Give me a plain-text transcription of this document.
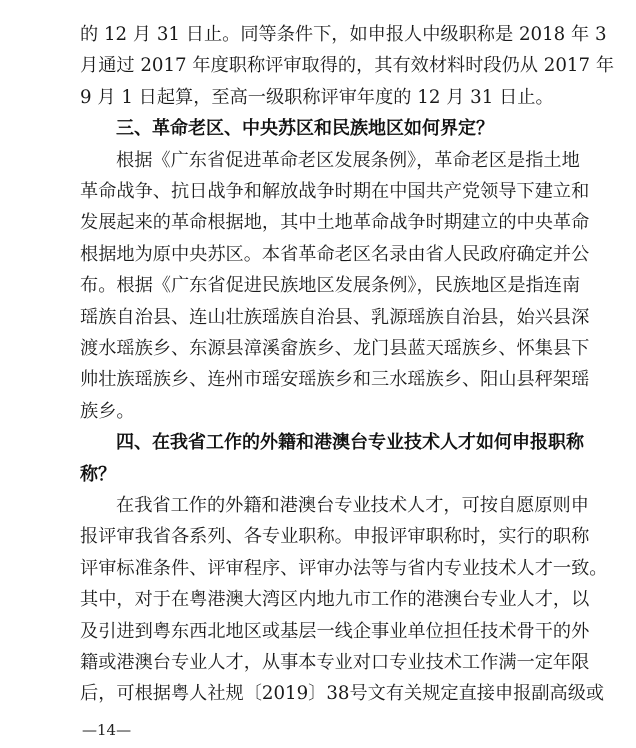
的 12 月 31 日止。同等条件下，如申报人中级职称是 2018 年 3
月通过 2017 年度职称评审取得的，其有效材料时段仍从 2017 年
9 月 1 日起算，至高一级职称评审年度的 12 月 31 日止。
三、革命老区、中央苏区和民族地区如何界定？
根据《广东省促进革命老区发展条例》，革命老区是指土地
革命战争、抗日战争和解放战争时期在中国共产党领导下建立和
发展起来的革命根据地，其中土地革命战争时期建立的中央革命
根据地为原中央苏区。本省革命老区名录由省人民政府确定并公
布。根据《广东省促进民族地区发展条例》，民族地区是指连南
瑶族自治县、连山壮族瑶族自治县、乳源瑶族自治县，始兴县深
渡水瑶族乡、东源县漳溪畲族乡、龙门县蓝天瑶族乡、怀集县下
帅壮族瑶族乡、连州市瑶安瑶族乡和三水瑶族乡、阳山县秤架瑶
族乡。
四、在我省工作的外籍和港澳台专业技术人才如何申报职称
称？
在我省工作的外籍和港澳台专业技术人才，可按自愿原则申
报评审我省各系列、各专业职称。申报评审职称时，实行的职称
评审标准条件、评审程序、评审办法等与省内专业技术人才一致。
其中，对于在粤港澳大湾区内地九市工作的港澳台专业人才，以
及引进到粤东西北地区或基层一线企事业单位担任技术骨干的外
籍或港澳台专业人才，从事本专业对口专业技术工作满一定年限
—14—
后，可根据粤人社规〔2019〕38号文有关规定直接申报副高级或
